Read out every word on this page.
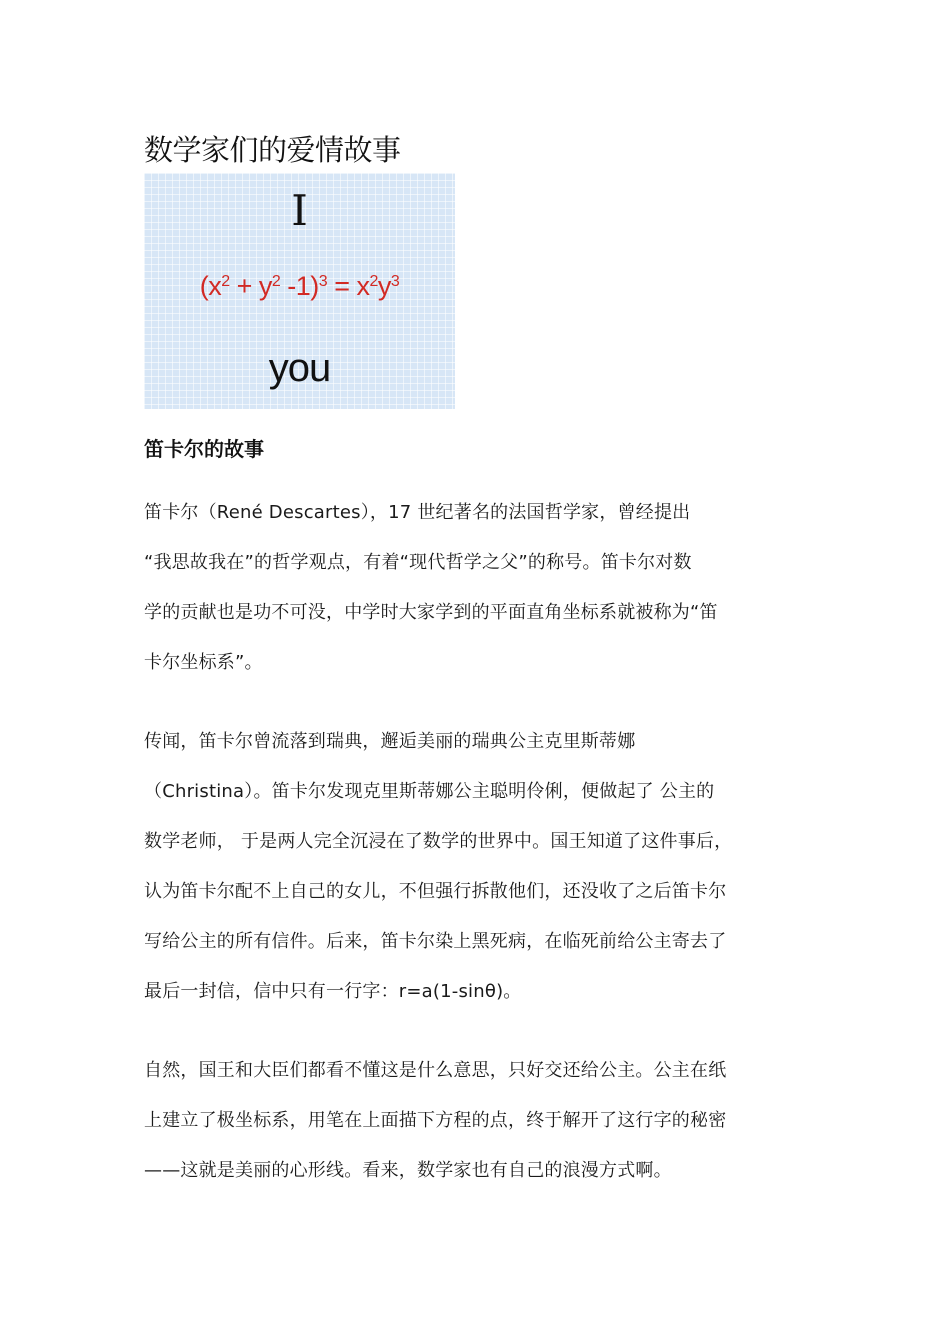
数学家们的爱情故事
I
($x^2 + y^2$ $-1)^3 = x^2y^3$
you
笛卡尔的故事

笛卡尔（René Descartes），17 世纪著名的法国哲学家，曾经提出
“我思故我在”的哲学观点，有着“现代哲学之父”的称号。笛卡尔对数
学的贡献也是功不可没，中学时大家学到的平面直角坐标系就被称为“笛
卡尔坐标系”。

传闻，笛卡尔曾流落到瑞典，邂逅美丽的瑞典公主克里斯蒂娜
（Christina）。笛卡尔发现克里斯蒂娜公主聪明伶俐，便做起了 公主的
数学老师， 于是两人完全沉浸在了数学的世界中。国王知道了这件事后，
认为笛卡尔配不上自己的女儿，不但强行拆散他们，还没收了之后笛卡尔
写给公主的所有信件。后来，笛卡尔染上黑死病，在临死前给公主寄去了
最后一封信，信中只有一行字：r=a(1-sinθ)。

自然，国王和大臣们都看不懂这是什么意思，只好交还给公主。公主在纸
上建立了极坐标系，用笔在上面描下方程的点，终于解开了这行字的秘密
——这就是美丽的心形线。看来，数学家也有自己的浪漫方式啊。
